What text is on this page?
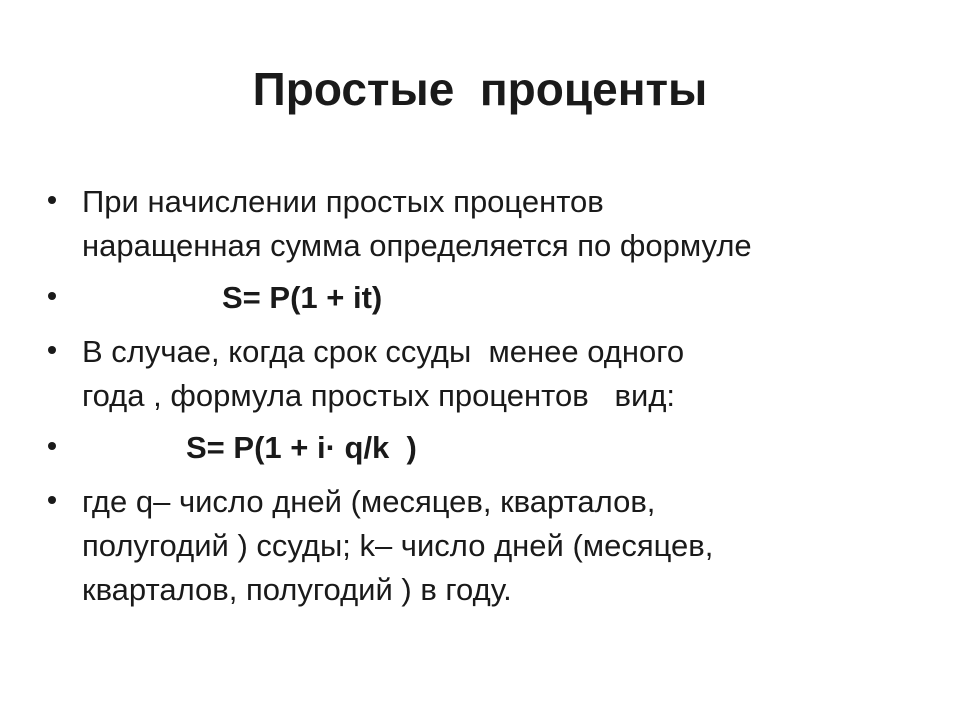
Простые  проценты
При начислении простых процентов
наращенная сумма определяется по формуле
S= P(1 + it)
В случае, когда срок ссуды  менее одного
года , формула простых процентов   вид:
S= P(1 + i· q/k  )
где q– число дней (месяцев, кварталов,
полугодий ) ссуды; k– число дней (месяцев,
кварталов, полугодий ) в году.
